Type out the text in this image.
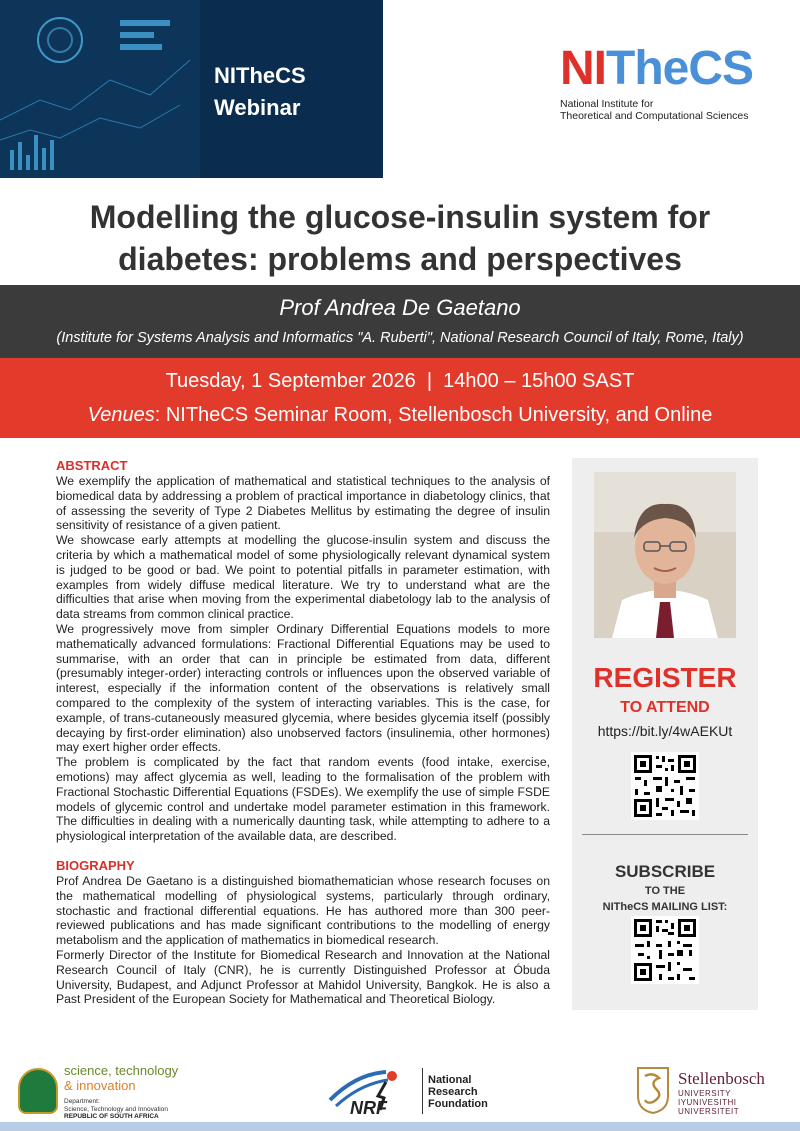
NITheCS
Webinar
NITheCS
National Institute for
Theoretical and Computational Sciences
Modelling the glucose-insulin system for
diabetes: problems and perspectives
Prof Andrea De Gaetano
(Institute for Systems Analysis and Informatics "A. Ruberti", National Research Council of Italy, Rome, Italy)
Tuesday, 1 September 2026  |  14h00 – 15h00 SAST
Venues: NITheCS Seminar Room, Stellenbosch University, and Online
ABSTRACT

We exemplify the application of mathematical and statistical techniques to the analysis of biomedical data by addressing a problem of practical importance in diabetology clinics, that of assessing the severity of Type 2 Diabetes Mellitus by estimating the degree of insulin sensitivity of resistance of a given patient.

We showcase early attempts at modelling the glucose-insulin system and discuss the criteria by which a mathematical model of some physiologically relevant dynamical system is judged to be good or bad. We point to potential pitfalls in parameter estimation, with examples from widely diffuse medical literature. We try to understand what are the difficulties that arise when moving from the experimental diabetology lab to the analysis of data streams from common clinical practice.

We progressively move from simpler Ordinary Differential Equations models to more mathematically advanced formulations: Fractional Differential Equations may be used to summarise, with an order that can in principle be estimated from data, different (presumably integer-order) interacting controls or influences upon the observed variable of interest, especially if the information content of the observations is relatively small compared to the complexity of the system of interacting variables. This is the case, for example, of trans-cutaneously measured glycemia, where besides glycemia itself (possibly decaying by first-order elimination) also unobserved factors (insulinemia, other hormones) may exert higher order effects.

The problem is complicated by the fact that random events (food intake, exercise, emotions) may affect glycemia as well, leading to the formalisation of the problem with Fractional Stochastic Differential Equations (FSDEs). We exemplify the use of simple FSDE models of glycemic control and undertake model parameter estimation in this framework. The difficulties in dealing with a numerically daunting task, while attempting to adhere to a physiological interpretation of the available data, are described.

BIOGRAPHY

Prof Andrea De Gaetano is a distinguished biomathematician whose research focuses on the mathematical modelling of physiological systems, particularly through ordinary, stochastic and fractional differential equations. He has authored more than 300 peer-reviewed publications and has made significant contributions to the modelling of energy metabolism and the application of mathematics in biomedical research.

Formerly Director of the Institute for Biomedical Research and Innovation at the National Research Council of Italy (CNR), he is currently Distinguished Professor at Óbuda University, Budapest, and Adjunct Professor at Mahidol University, Bangkok. He is also a Past President of the European Society for Mathematical and Theoretical Biology.

REGISTER
TO ATTEND
https://bit.ly/4wAEKUt
SUBSCRIBE
TO THE
NITheCS MAILING LIST:
science, technology
& innovation
Department:
Science, Technology and Innovation
REPUBLIC OF SOUTH AFRICA	NRF
National
Research
Foundation
Stellenbosch
UNIVERSITY
IYUNIVESITHI
UNIVERSITEIT
